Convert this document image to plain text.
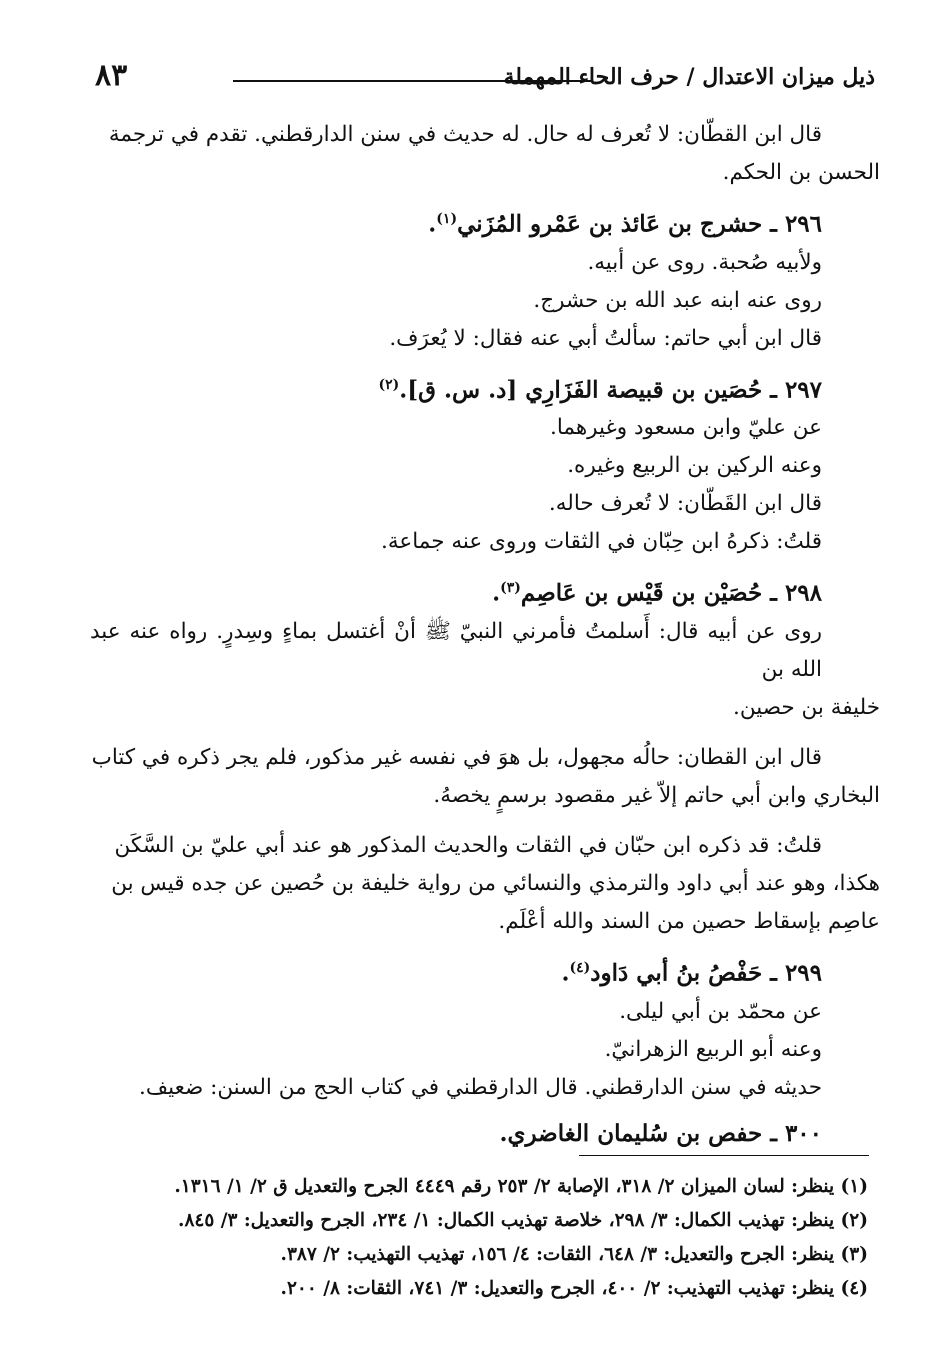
٨٣	ذيل ميزان الاعتدال / حرف الحاء المهملة

قال ابن القطّان: لا تُعرف له حال. له حديث في سنن الدارقطني. تقدم في ترجمة

الحسن بن الحكم.

٢٩٦ ـ حشرج بن عَائذ بن عَمْرو المُزَني$^{(١)}$.

ولأبيه صُحبة. روى عن أبيه.

روى عنه ابنه عبد الله بن حشرج.

قال ابن أبي حاتم: سألتُ أبي عنه فقال: لا يُعرَف.

٢٩٧ ـ حُصَين بن قبيصة الفَزَارِي [د. س. ق].$^{(٢)}$

عن عليّ وابن مسعود وغيرهما.

وعنه الركين بن الربيع وغيره.

قال ابن القَطّان: لا تُعرف حاله.

قلتُ: ذكرهُ ابن حِبّان في الثقات وروى عنه جماعة.

٢٩٨ ـ حُصَيْن بن قَيْس بن عَاصِم$^{(٣)}$.

روى عن أبيه قال: أَسلمتُ فأمرني النبيّ ﷺ أنْ أغتسل بماءٍ وسِدرٍ. رواه عنه عبد الله بن

خليفة بن حصين.

قال ابن القطان: حالُه مجهول، بل هوَ في نفسه غير مذكور، فلم يجر ذكره في كتاب

البخاري وابن أبي حاتم إلاّ غير مقصود برسمٍ يخصهُ.

قلتُ: قد ذكره ابن حبّان في الثقات والحديث المذكور هو عند أبي عليّ بن السَّكَن

هكذا، وهو عند أبي داود والترمذي والنسائي من رواية خليفة بن حُصين عن جده قيس بن

عاصِم بإسقاط حصين من السند والله أعْلَم.

٢٩٩ ـ حَفْصُ بنُ أبي دَاود$^{(٤)}$.

عن محمّد بن أبي ليلى.

وعنه أبو الربيع الزهرانيّ.

حديثه في سنن الدارقطني. قال الدارقطني في كتاب الحج من السنن: ضعيف.

٣٠٠ ـ حفص بن سُليمان الغاضري.

(١) ينظر: لسان الميزان ٢/ ٣١٨، الإصابة ٢/ ٢٥٣ رقم ٤٤٤٩ الجرح والتعديل ق ٢/ ١/ ١٣١٦.

(٢) ينظر: تهذيب الكمال: ٣/ ٢٩٨، خلاصة تهذيب الكمال: ١/ ٢٣٤، الجرح والتعديل: ٣/ ٨٤٥.

(٣) ينظر: الجرح والتعديل: ٣/ ٦٤٨، الثقات: ٤/ ١٥٦، تهذيب التهذيب: ٢/ ٣٨٧.

(٤) ينظر: تهذيب التهذيب: ٢/ ٤٠٠، الجرح والتعديل: ٣/ ٧٤١، الثقات: ٨/ ٢٠٠.
